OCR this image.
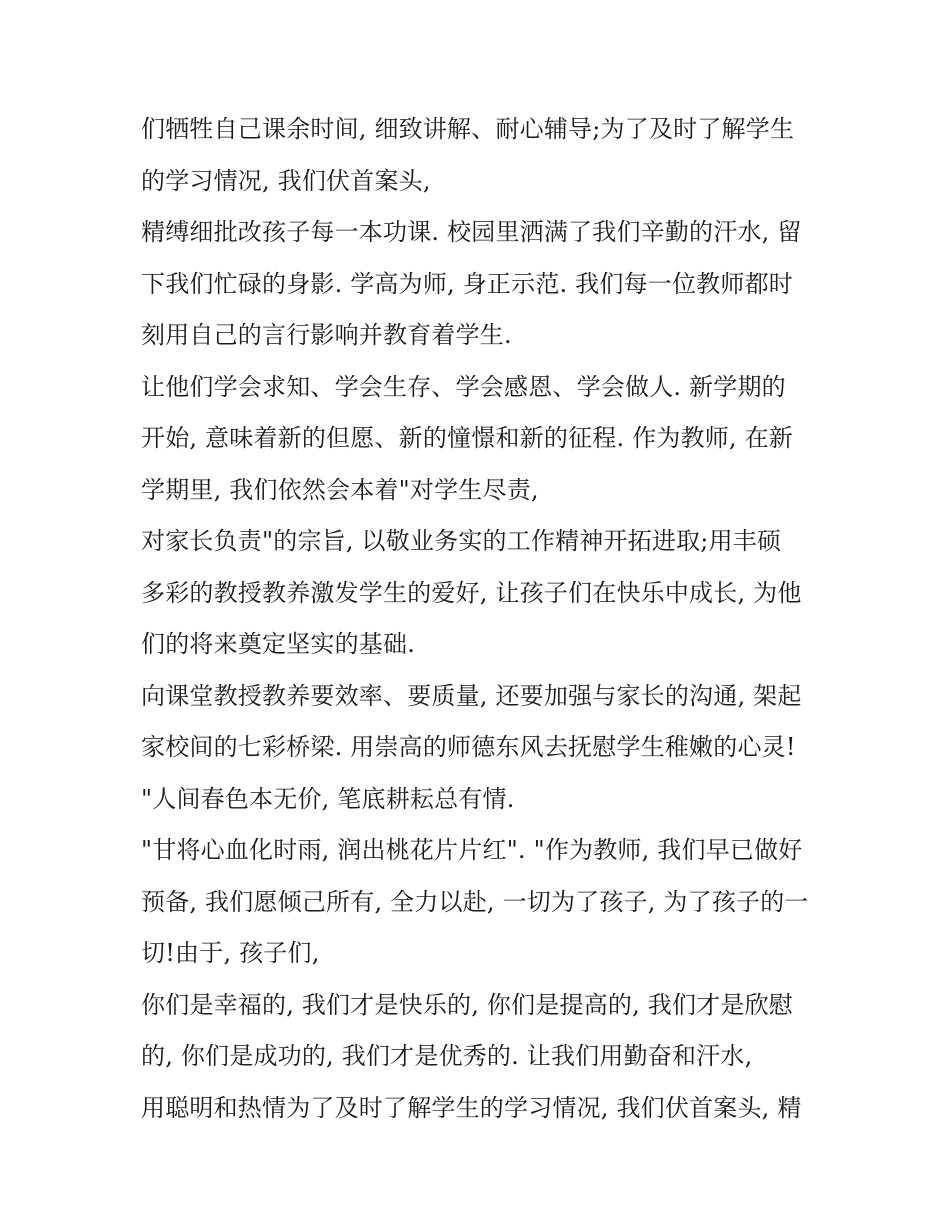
们牺牲自己课余时间, 细致讲解、耐心辅导;为了及时了解学生
的学习情况, 我们伏首案头,
精缚细批改孩子每一本功课. 校园里洒满了我们辛勤的汗水, 留
下我们忙碌的身影. 学高为师, 身正示范. 我们每一位教师都时
刻用自己的言行影响并教育着学生.
让他们学会求知、学会生存、学会感恩、学会做人. 新学期的
开始, 意味着新的但愿、新的憧憬和新的征程. 作为教师, 在新
学期里, 我们依然会本着"对学生尽责,
对家长负责"的宗旨, 以敬业务实的工作精神开拓进取;用丰硕
多彩的教授教养激发学生的爱好, 让孩子们在快乐中成长, 为他
们的将来奠定坚实的基础.
向课堂教授教养要效率、要质量, 还要加强与家长的沟通, 架起
家校间的七彩桥梁. 用崇高的师德东风去抚慰学生稚嫩的心灵!
"人间春色本无价, 笔底耕耘总有情.
"甘将心血化时雨, 润出桃花片片红". "作为教师, 我们早已做好
预备, 我们愿倾己所有, 全力以赴, 一切为了孩子, 为了孩子的一
切!由于, 孩子们,
你们是幸福的, 我们才是快乐的, 你们是提高的, 我们才是欣慰
的, 你们是成功的, 我们才是优秀的. 让我们用勤奋和汗水,
用聪明和热情为了及时了解学生的学习情况, 我们伏首案头, 精
